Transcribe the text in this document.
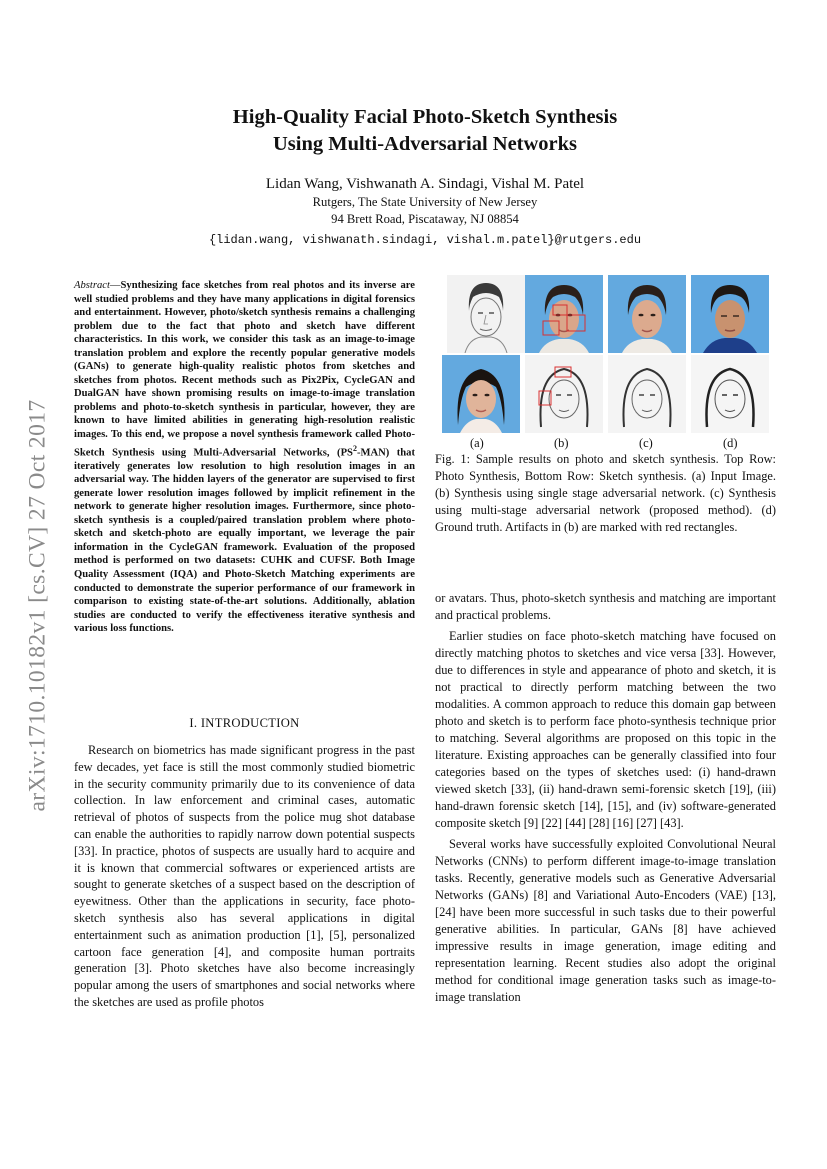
arXiv:1710.10182v1 [cs.CV] 27 Oct 2017
High-Quality Facial Photo-Sketch Synthesis
Using Multi-Adversarial Networks
Lidan Wang, Vishwanath A. Sindagi, Vishal M. Patel
Rutgers, The State University of New Jersey
94 Brett Road, Piscataway, NJ 08854
{lidan.wang, vishwanath.sindagi, vishal.m.patel}@rutgers.edu
Abstract—Synthesizing face sketches from real photos and its inverse are well studied problems and they have many applications in digital forensics and entertainment. However, photo/sketch synthesis remains a challenging problem due to the fact that photo and sketch have different characteristics. In this work, we consider this task as an image-to-image translation problem and explore the recently popular generative models (GANs) to generate high-quality realistic photos from sketches and sketches from photos. Recent methods such as Pix2Pix, CycleGAN and DualGAN have shown promising results on image-to-image translation problems and photo-to-sketch synthesis in particular, however, they are known to have limited abilities in generating high-resolution realistic images. To this end, we propose a novel synthesis framework called Photo-Sketch Synthesis using Multi-Adversarial Networks, $(PS^2-MAN)$ that iteratively generates low resolution to high resolution images in an adversarial way. The hidden layers of the generator are supervised to first generate lower resolution images followed by implicit refinement in the network to generate higher resolution images. Furthermore, since photo-sketch synthesis is a coupled/paired translation problem where photo-sketch and sketch-photo are equally important, we leverage the pair information in the CycleGAN framework. Evaluation of the proposed method is performed on two datasets: CUHK and CUFSF. Both Image Quality Assessment (IQA) and Photo-Sketch Matching experiments are conducted to demonstrate the superior performance of our framework in comparison to existing state-of-the-art solutions. Additionally, ablation studies are conducted to verify the effectiveness iterative synthesis and various loss functions.
I. INTRODUCTION

Research on biometrics has made significant progress in the past few decades, yet face is still the most commonly studied biometric in the security community primarily due to its convenience of data collection. In law enforcement and criminal cases, automatic retrieval of photos of suspects from the police mug shot database can enable the authorities to rapidly narrow down potential suspects [33]. In practice, photos of suspects are usually hard to acquire and it is known that commercial softwares or experienced artists are sought to generate sketches of a suspect based on the description of eyewitness. Other than the applications in security, face photo-sketch synthesis also has several applications in digital entertainment such as animation production [1], [5], personalized cartoon face generation [4], and composite human portraits generation [3]. Photo sketches have also become increasingly popular among the users of smartphones and social networks where the sketches are used as profile photos

(a)	(b)	(c)	(d)
Fig. 1: Sample results on photo and sketch synthesis. Top Row: Photo Synthesis, Bottom Row: Sketch synthesis. (a) Input Image. (b) Synthesis using single stage adversarial network. (c) Synthesis using multi-stage adversarial network (proposed method). (d) Ground truth. Artifacts in (b) are marked with red rectangles.

or avatars. Thus, photo-sketch synthesis and matching are important and practical problems.

Earlier studies on face photo-sketch matching have focused on directly matching photos to sketches and vice versa [33]. However, due to differences in style and appearance of photo and sketch, it is not practical to directly perform matching between the two modalities. A common approach to reduce this domain gap between photo and sketch is to perform face photo-synthesis technique prior to matching. Several algorithms are proposed on this topic in the literature. Existing approaches can be generally classified into four categories based on the types of sketches used: (i) hand-drawn viewed sketch [33], (ii) hand-drawn semi-forensic sketch [19], (iii) hand-drawn forensic sketch [14], [15], and (iv) software-generated composite sketch [9] [22] [44] [28] [16] [27] [43].

Several works have successfully exploited Convolutional Neural Networks (CNNs) to perform different image-to-image translation tasks. Recently, generative models such as Generative Adversarial Networks (GANs) [8] and Variational Auto-Encoders (VAE) [13], [24] have been more successful in such tasks due to their powerful generative abilities. In particular, GANs [8] have achieved impressive results in image generation, image editing and representation learning. Recent studies also adopt the original method for conditional image generation tasks such as image-to-image translation
